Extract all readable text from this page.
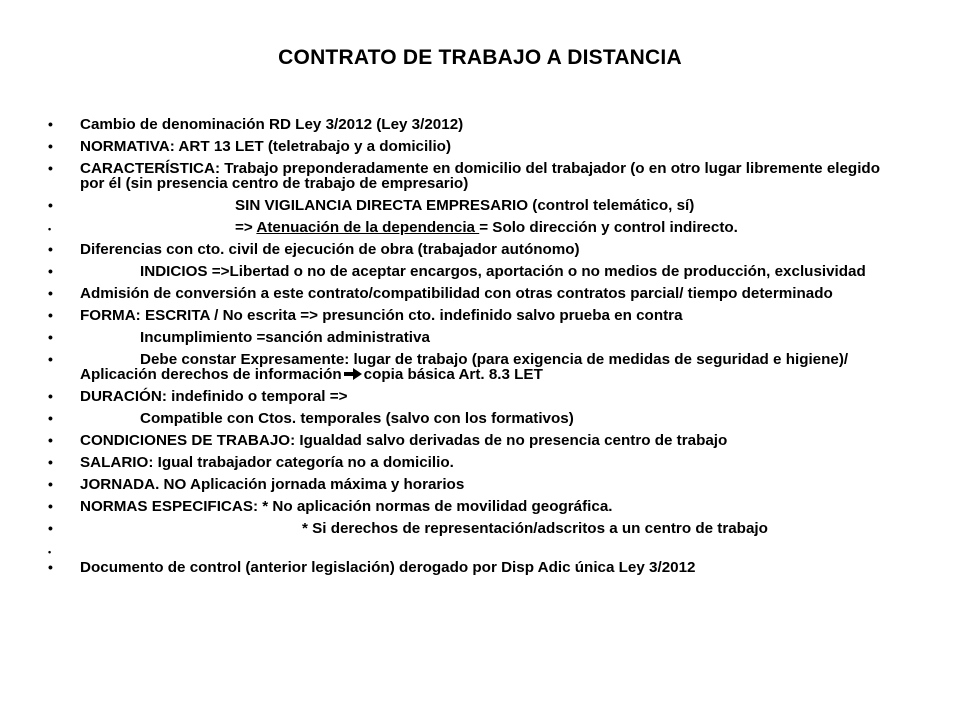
CONTRATO DE TRABAJO A DISTANCIA
• Cambio de denominación RD Ley 3/2012 (Ley 3/2012)
• NORMATIVA: ART 13 LET (teletrabajo y a domicilio)
• CARACTERÍSTICA: Trabajo preponderadamente en domicilio del trabajador (o en otro lugar libremente elegido por él (sin presencia centro de trabajo de empresario)
•	SIN VIGILANCIA DIRECTA EMPRESARIO (control telemático, sí)
•	=> Atenuación de la dependencia = Solo dirección y control indirecto.
• Diferencias con cto. civil de ejecución de obra (trabajador autónomo)
•	INDICIOS =>Libertad o no de aceptar encargos, aportación o no medios de producción, exclusividad
• Admisión de conversión a este contrato/compatibilidad con otras contratos parcial/ tiempo determinado
• FORMA: ESCRITA / No escrita => presunción cto. indefinido salvo prueba en contra
•	Incumplimiento =sanción administrativa
•	Debe constar Expresamente: lugar de trabajo (para exigencia de medidas de seguridad e higiene)/ Aplicación derechos de información copia básica Art. 8.3 LET
• DURACIÓN: indefinido o temporal =>
•	Compatible con Ctos. temporales (salvo con los formativos)
• CONDICIONES DE TRABAJO: Igualdad salvo derivadas de no presencia centro de trabajo
• SALARIO: Igual trabajador categoría no a domicilio.
• JORNADA. NO Aplicación jornada máxima y horarios
• NORMAS ESPECIFICAS: * No aplicación normas de movilidad geográfica.
•	* Si derechos de representación/adscritos a un centro de trabajo
•
• Documento de control (anterior legislación) derogado por Disp Adic única Ley 3/2012
